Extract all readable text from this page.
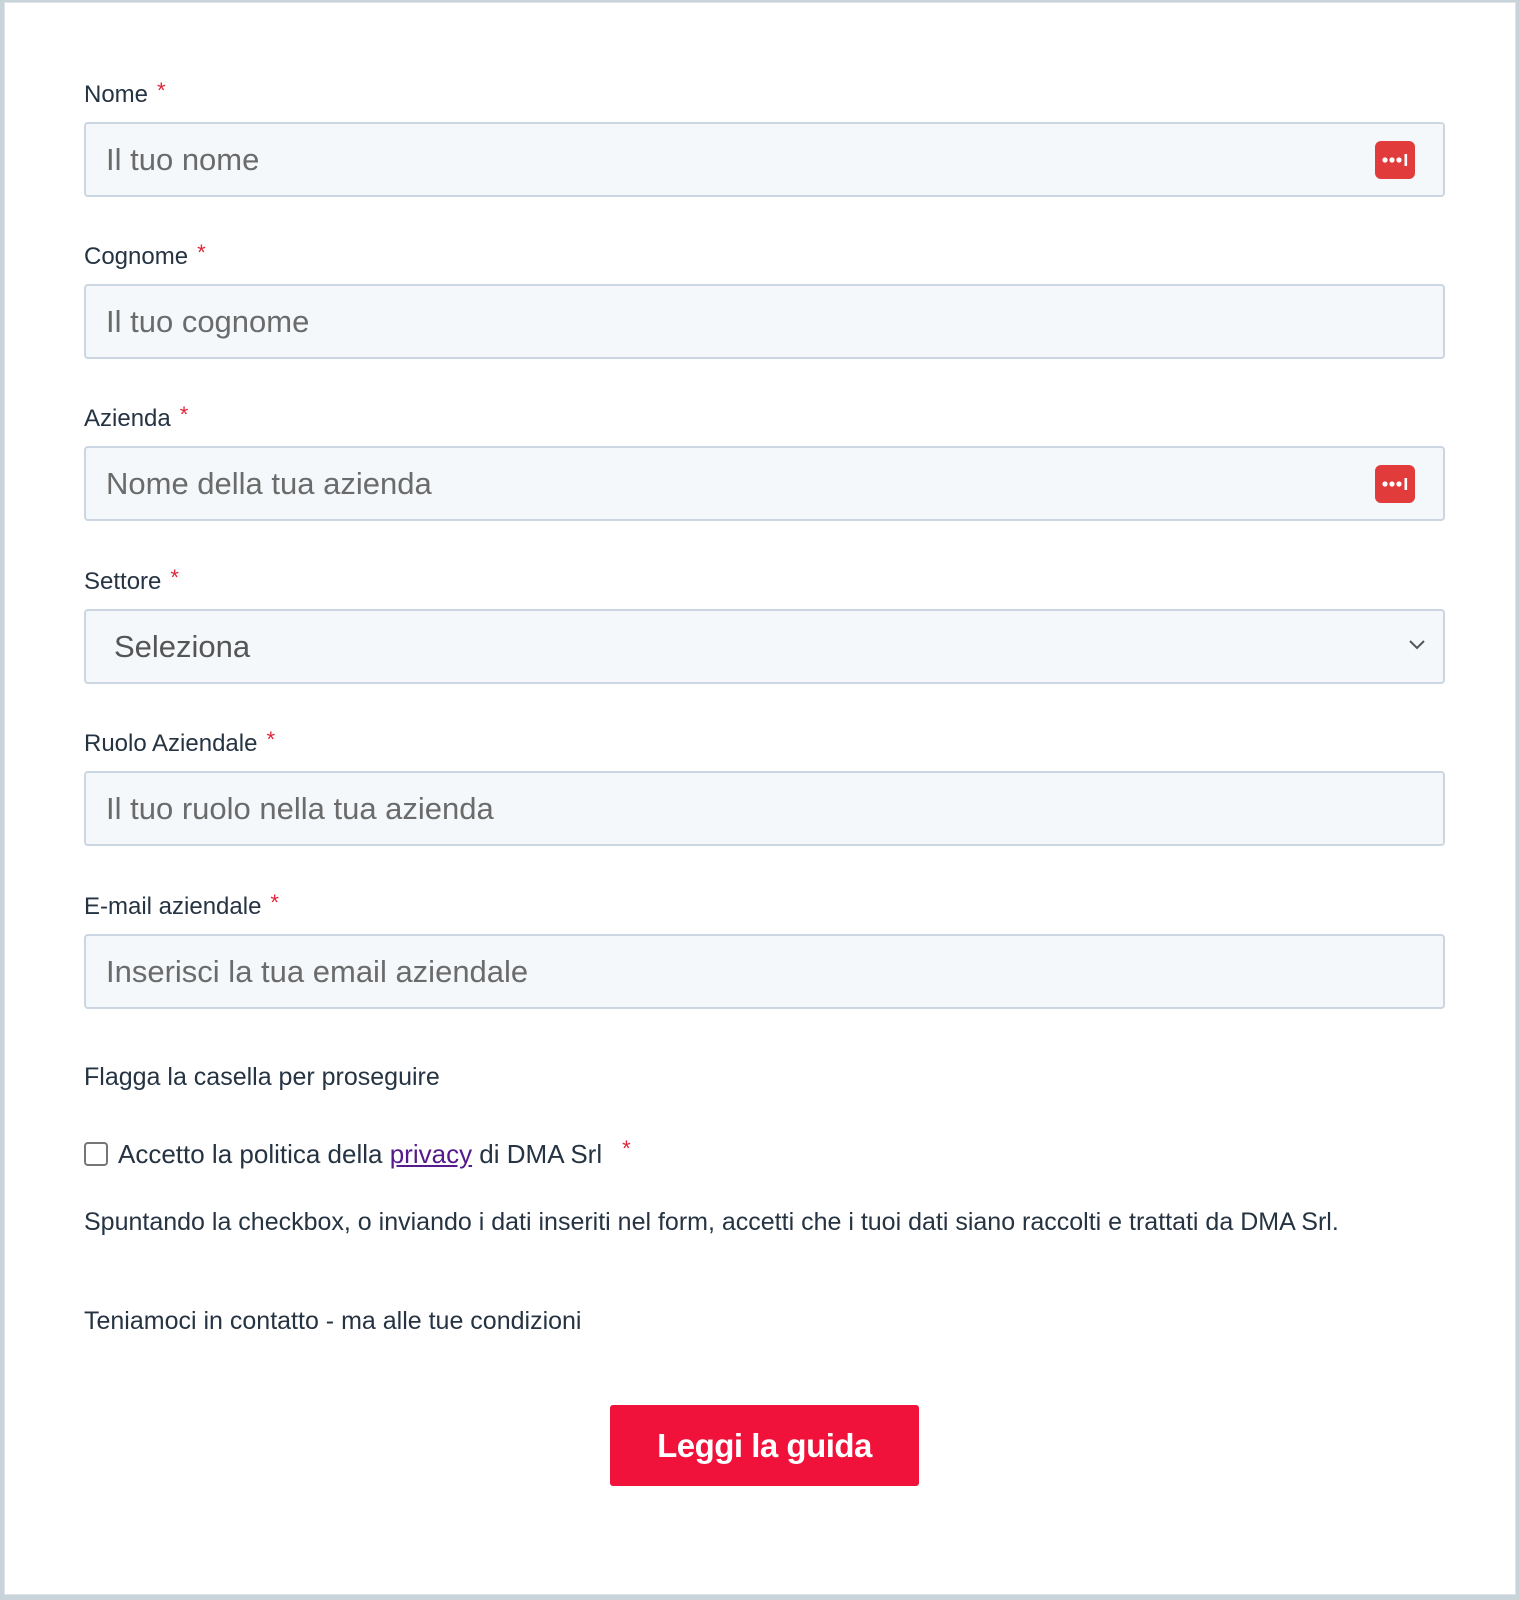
Nome *
Il tuo nome
Cognome *
Il tuo cognome
Azienda *
Nome della tua azienda
Settore *
Seleziona
Ruolo Aziendale *
Il tuo ruolo nella tua azienda
E-mail aziendale *
Inserisci la tua email aziendale
Flagga la casella per proseguire
Accetto la politica della privacy di DMA Srl *
Spuntando la checkbox, o inviando i dati inseriti nel form, accetti che i tuoi dati siano raccolti e trattati da DMA Srl.
Teniamoci in contatto - ma alle tue condizioni
Leggi la guida
